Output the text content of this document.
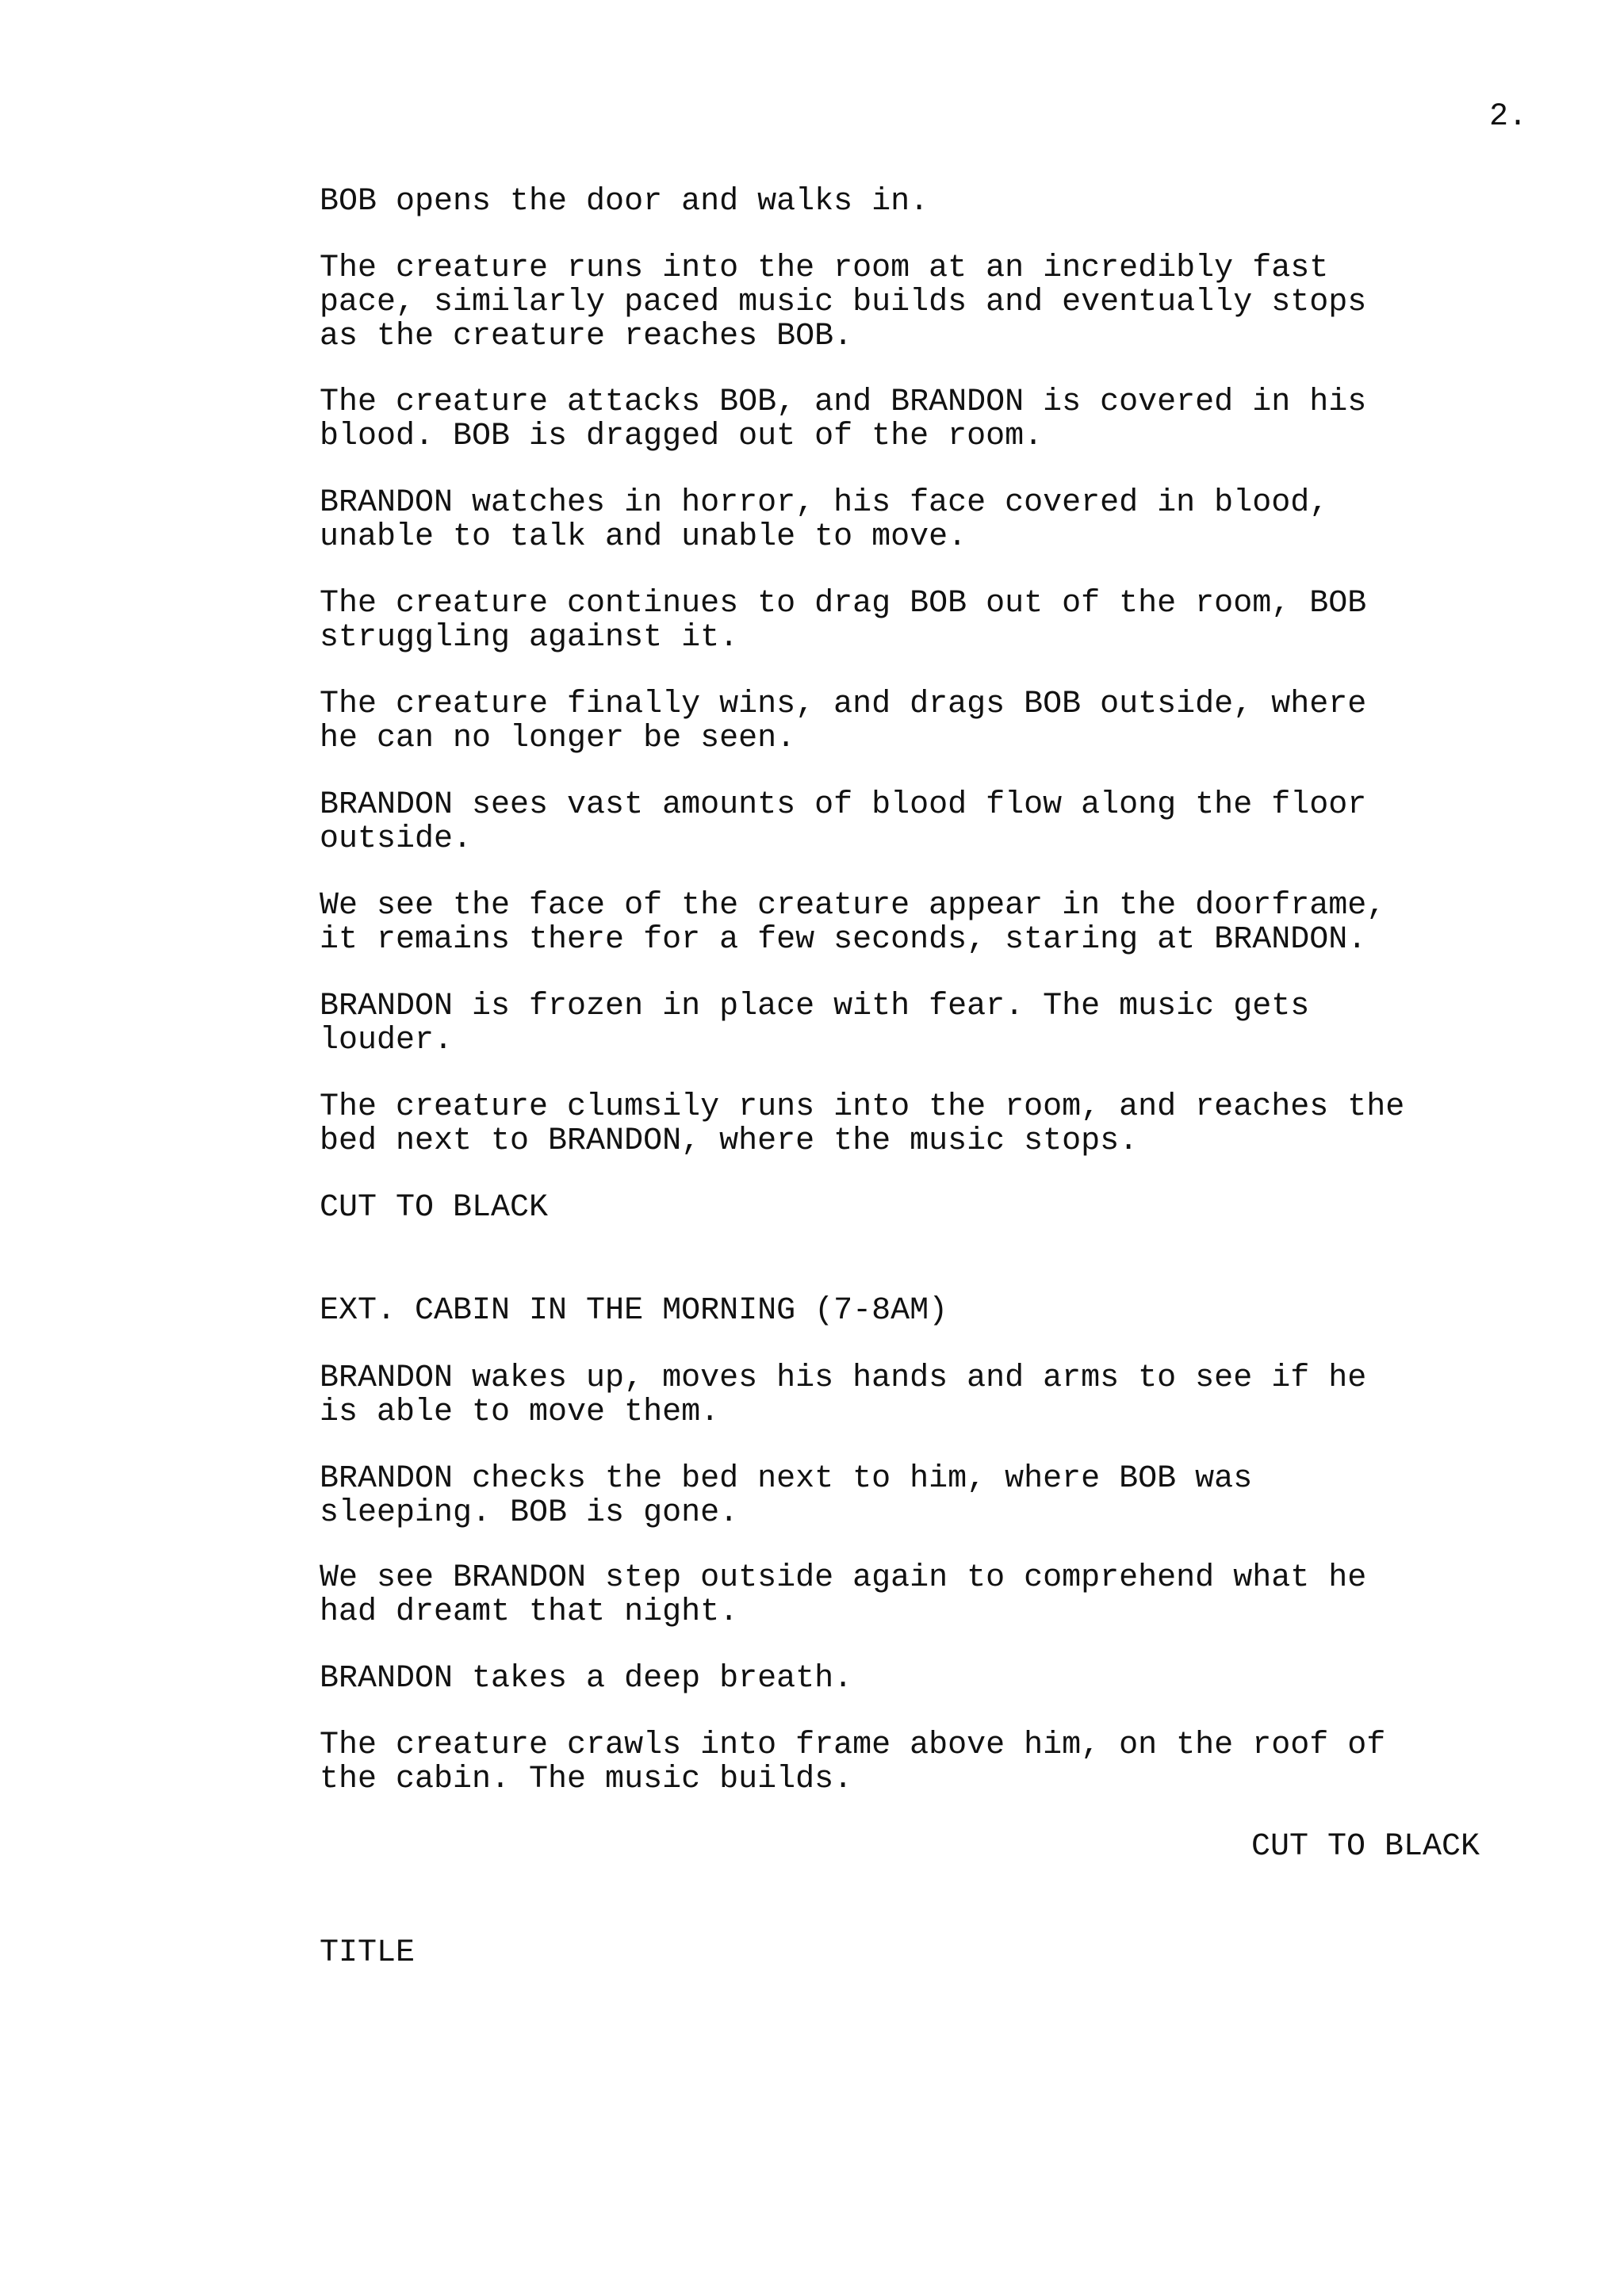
2.

BOB opens the door and walks in.

The creature runs into the room at an incredibly fast
pace, similarly paced music builds and eventually stops
as the creature reaches BOB.

The creature attacks BOB, and BRANDON is covered in his
blood. BOB is dragged out of the room.

BRANDON watches in horror, his face covered in blood,
unable to talk and unable to move.

The creature continues to drag BOB out of the room, BOB
struggling against it.

The creature finally wins, and drags BOB outside, where
he can no longer be seen.

BRANDON sees vast amounts of blood flow along the floor
outside.

We see the face of the creature appear in the doorframe,
it remains there for a few seconds, staring at BRANDON.

BRANDON is frozen in place with fear. The music gets
louder.

The creature clumsily runs into the room, and reaches the
bed next to BRANDON, where the music stops.

CUT TO BLACK

EXT. CABIN IN THE MORNING (7-8AM)

BRANDON wakes up, moves his hands and arms to see if he
is able to move them.

BRANDON checks the bed next to him, where BOB was
sleeping. BOB is gone.

We see BRANDON step outside again to comprehend what he
had dreamt that night.

BRANDON takes a deep breath.

The creature crawls into frame above him, on the roof of
the cabin. The music builds.

CUT TO BLACK

TITLE
